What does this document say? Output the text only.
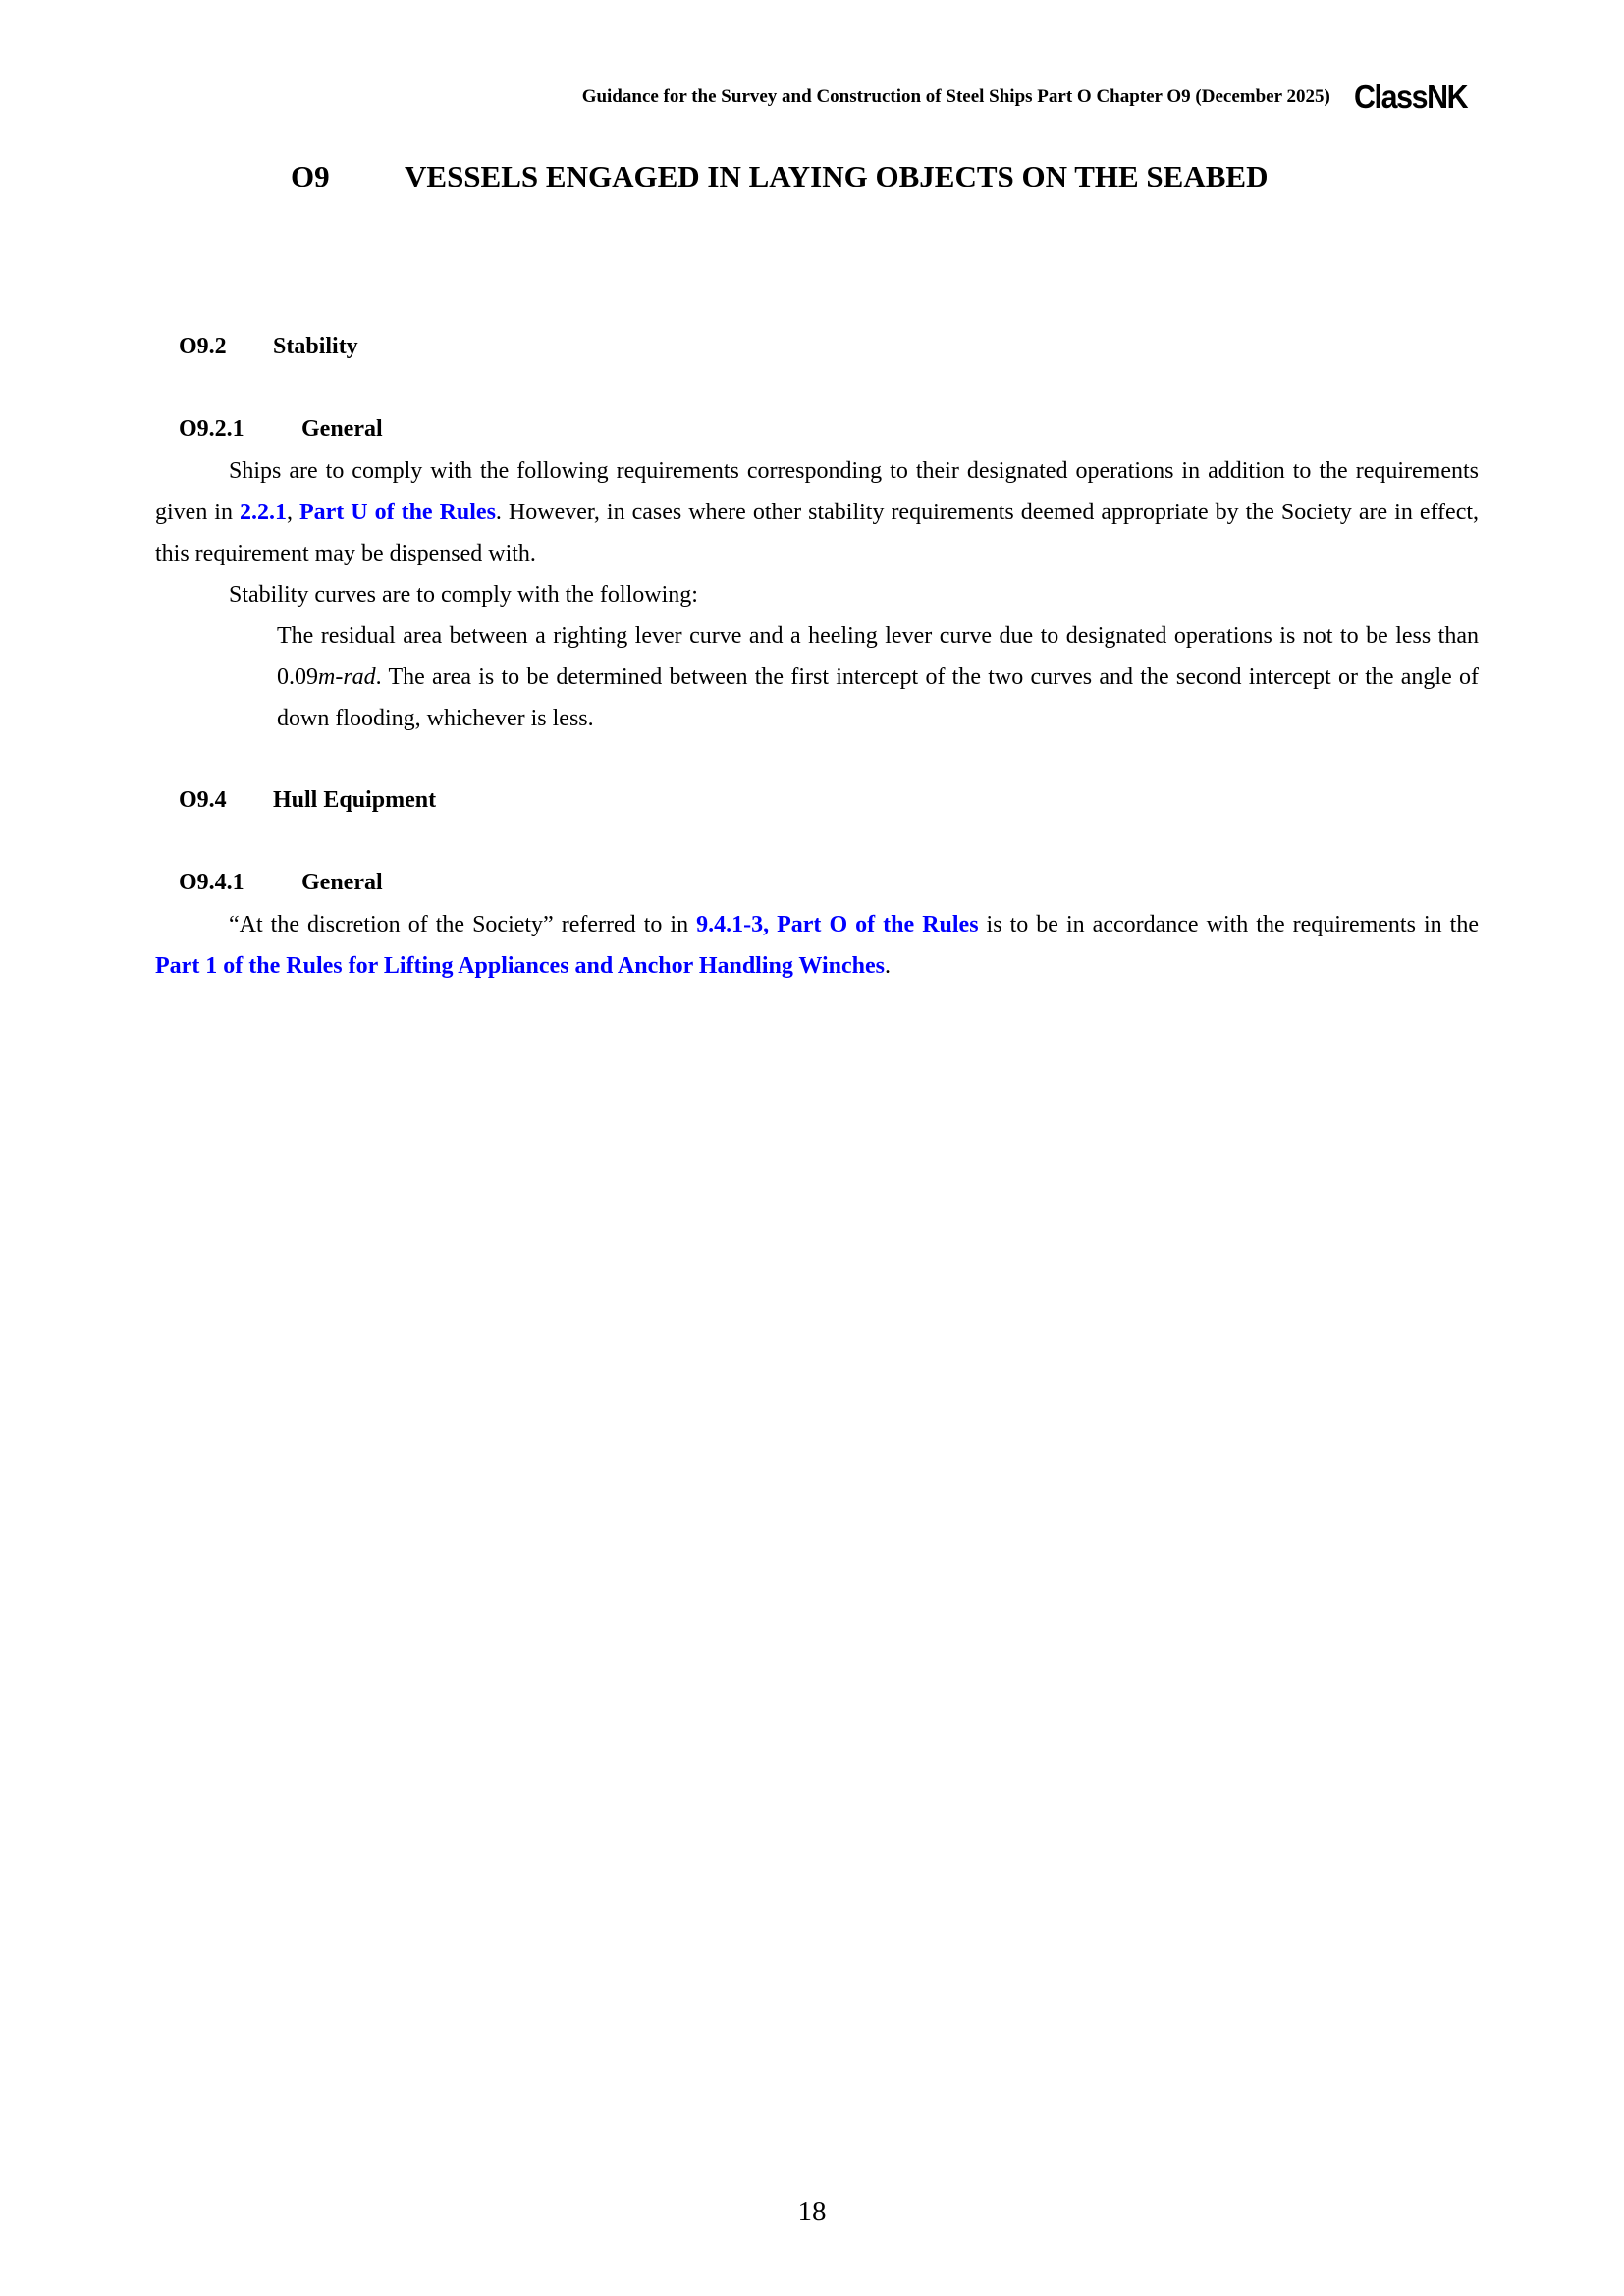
Guidance for the Survey and Construction of Steel Ships Part O Chapter O9 (December 2025) ClassNK
O9 VESSELS ENGAGED IN LAYING OBJECTS ON THE SEABED
O9.2 Stability
O9.2.1 General

Ships are to comply with the following requirements corresponding to their designated operations in addition to the requirements given in 2.2.1, Part U of the Rules. However, in cases where other stability requirements deemed appropriate by the Society are in effect, this requirement may be dispensed with.

Stability curves are to comply with the following:

The residual area between a righting lever curve and a heeling lever curve due to designated operations is not to be less than 0.09m-rad. The area is to be determined between the first intercept of the two curves and the second intercept or the angle of down flooding, whichever is less.

O9.4 Hull Equipment
O9.4.1 General

“At the discretion of the Society” referred to in 9.4.1-3, Part O of the Rules is to be in accordance with the requirements in the Part 1 of the Rules for Lifting Appliances and Anchor Handling Winches.

18
